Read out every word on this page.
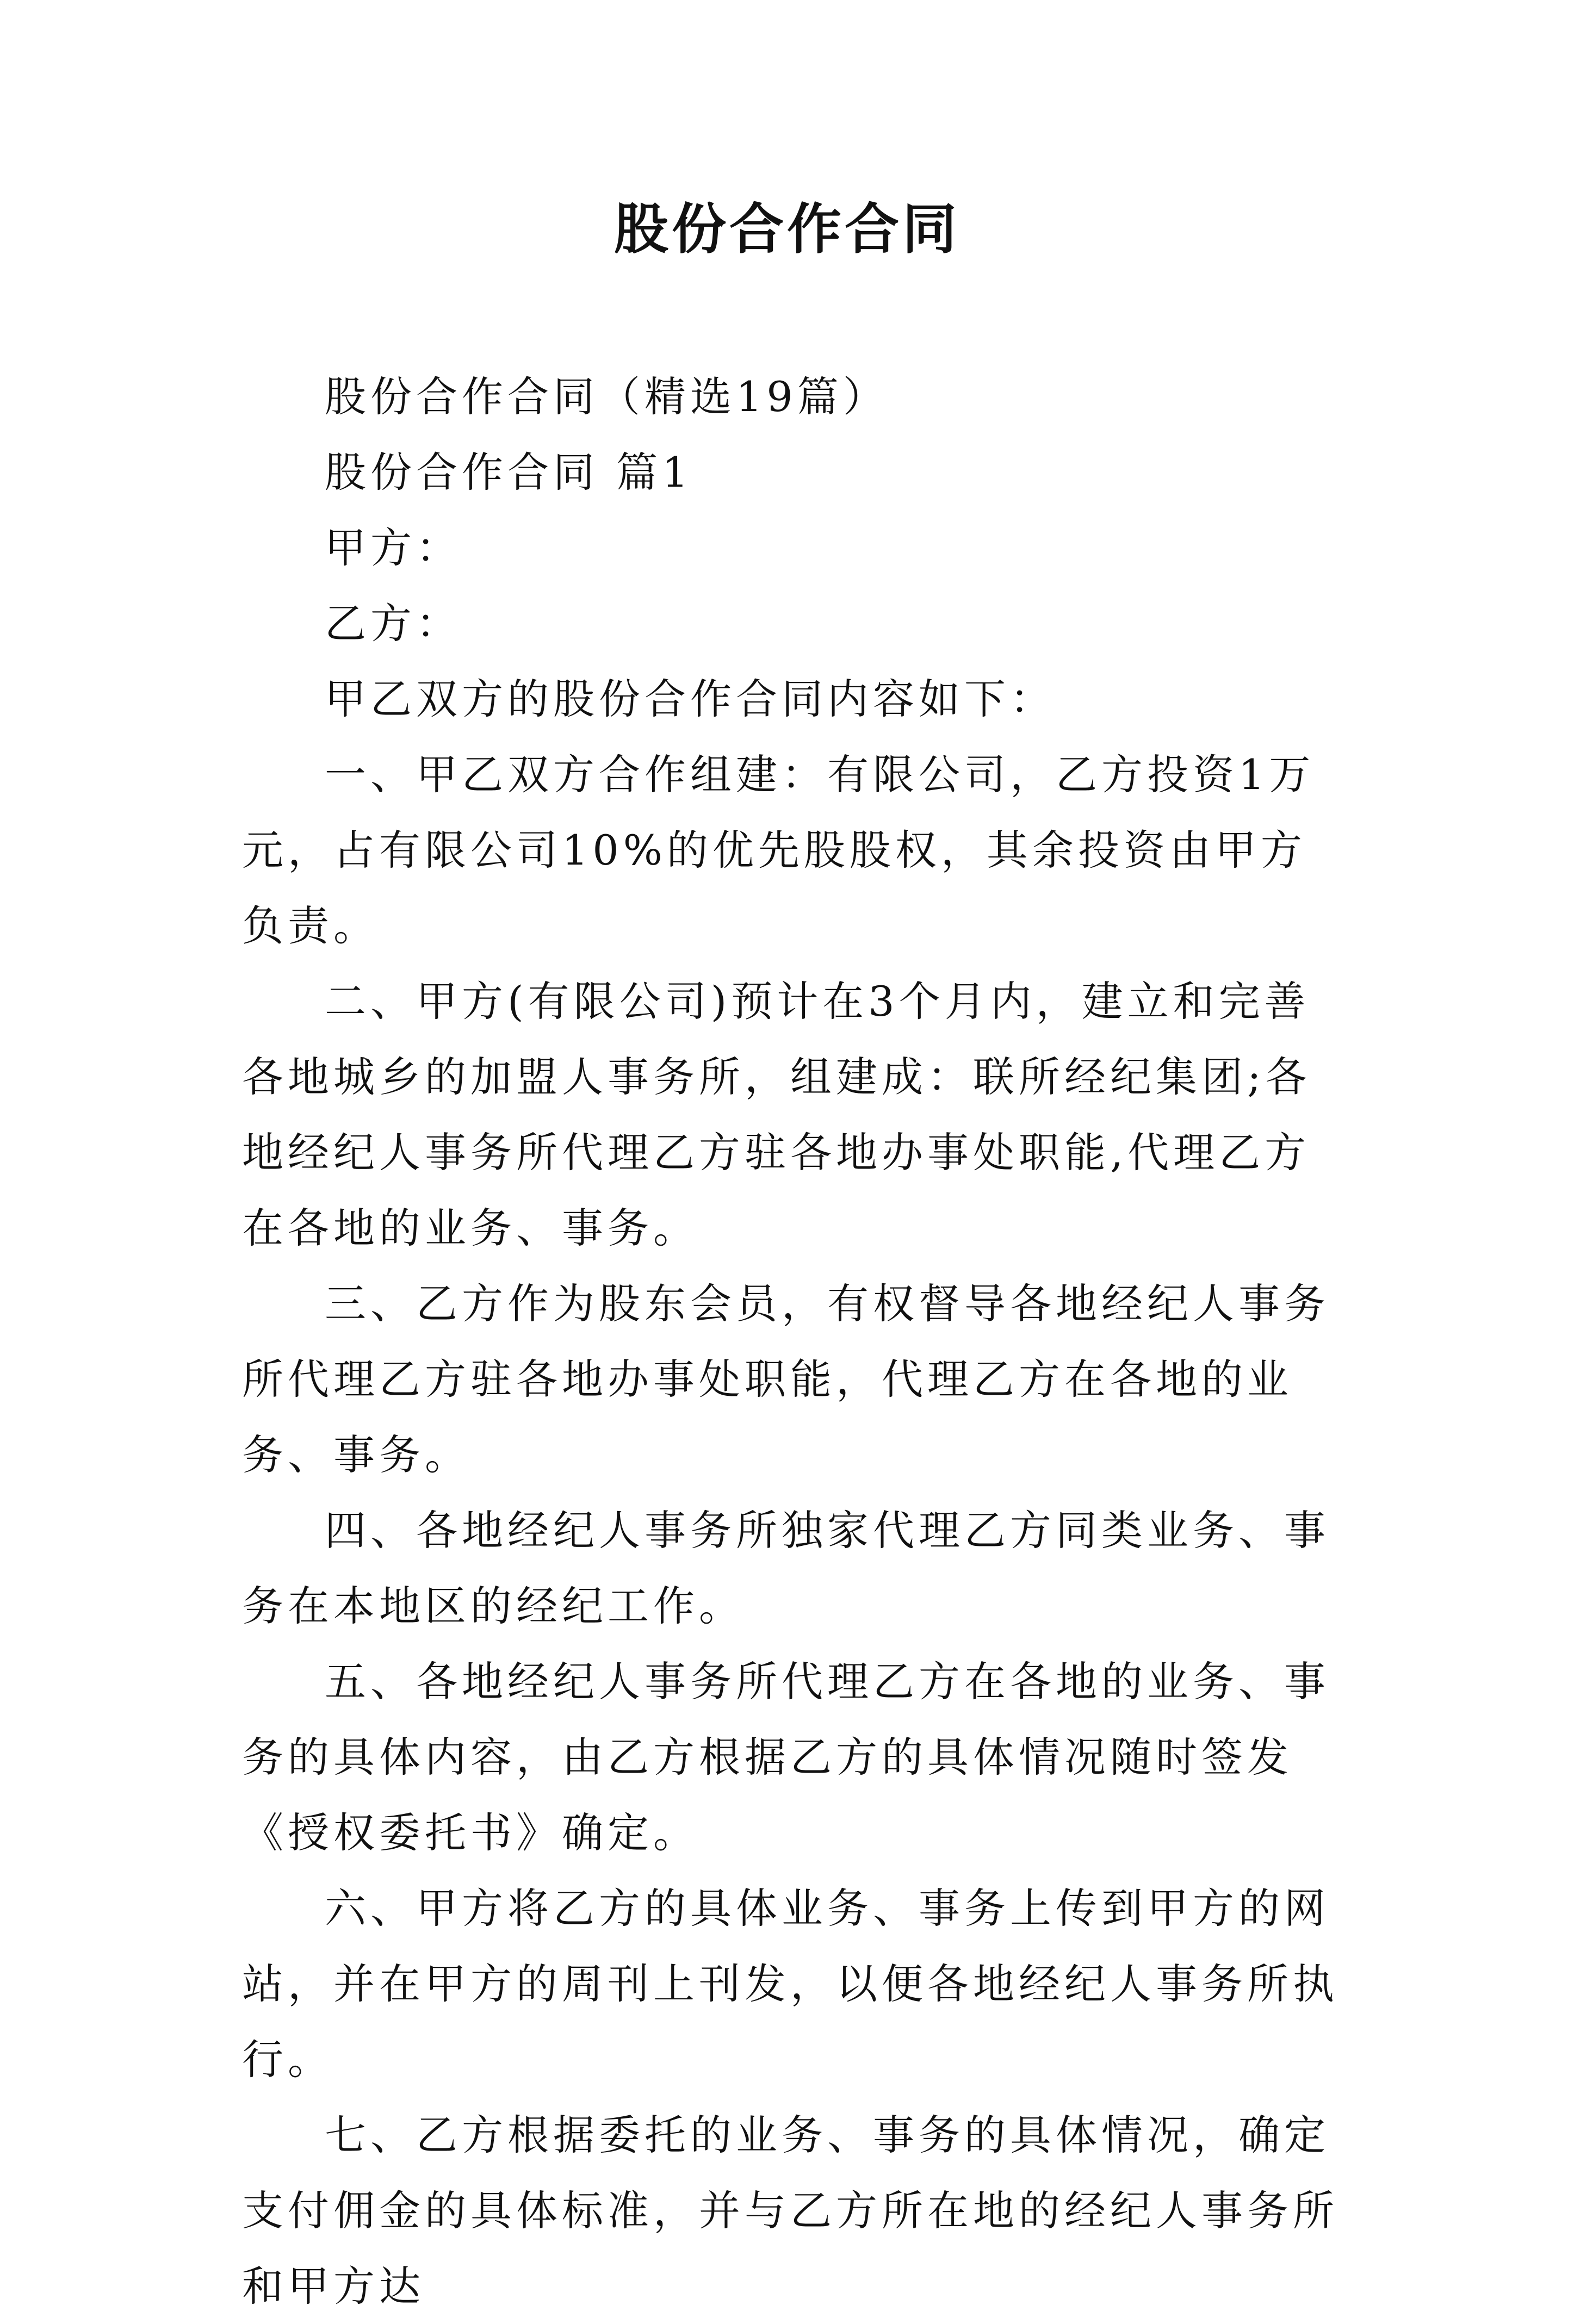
股份合作合同

股份合作合同（精选19篇）

股份合作合同 篇1

甲方：

乙方：

甲乙双方的股份合作合同内容如下：

一、甲乙双方合作组建：有限公司，乙方投资1万元，占有限公司10%的优先股股权，其余投资由甲方负责。

二、甲方(有限公司)预计在3个月内，建立和完善各地城乡的加盟人事务所，组建成：联所经纪集团;各地经纪人事务所代理乙方驻各地办事处职能,代理乙方在各地的业务、事务。

三、乙方作为股东会员，有权督导各地经纪人事务所代理乙方驻各地办事处职能，代理乙方在各地的业务、事务。

四、各地经纪人事务所独家代理乙方同类业务、事务在本地区的经纪工作。

五、各地经纪人事务所代理乙方在各地的业务、事务的具体内容，由乙方根据乙方的具体情况随时签发《授权委托书》确定。

六、甲方将乙方的具体业务、事务上传到甲方的网站，并在甲方的周刊上刊发，以便各地经纪人事务所执行。

七、乙方根据委托的业务、事务的具体情况，确定支付佣金的具体标准，并与乙方所在地的经纪人事务所和甲方达
